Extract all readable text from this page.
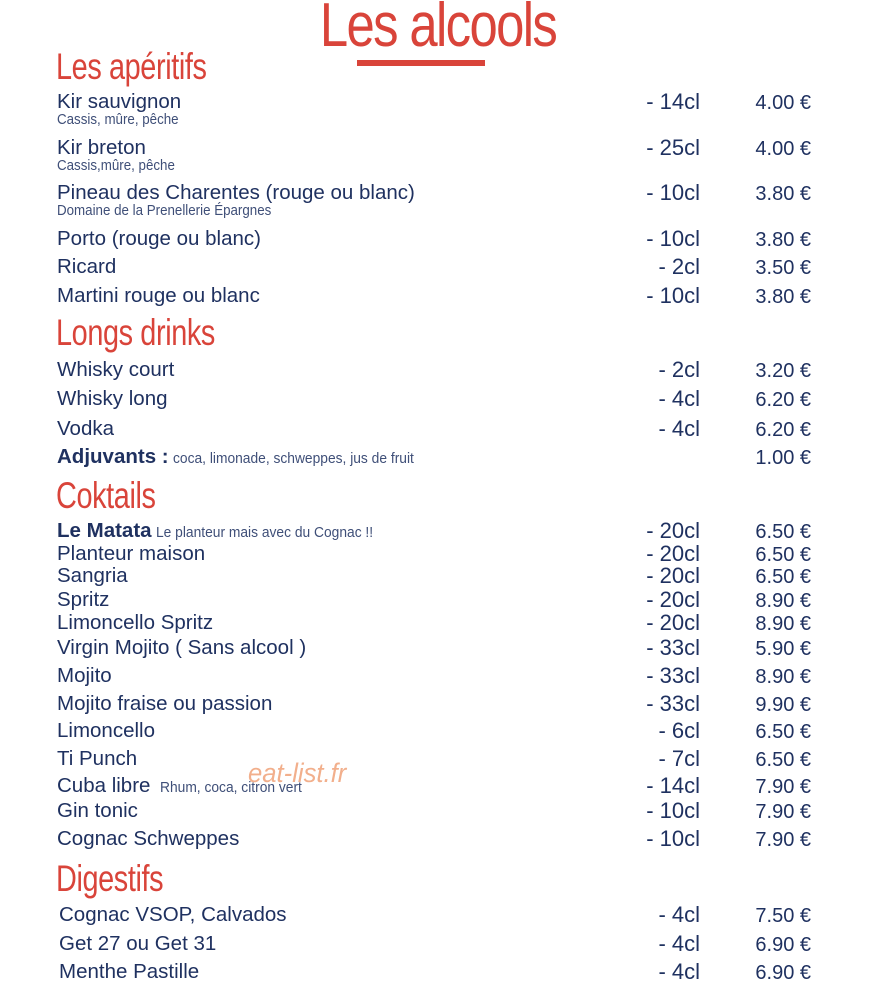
Les alcools
Les apéritifs
Kir sauvignon
Cassis, mûre, pêche
- 14cl	4.00 €
Kir breton
Cassis,mûre, pêche
- 25cl	4.00 €
Pineau des Charentes (rouge ou blanc)
Domaine de la Prenellerie Épargnes
- 10cl	3.80 €
Porto (rouge ou blanc)	- 10cl	3.80 €
Ricard	- 2cl	3.50 €
Martini rouge ou blanc	- 10cl	3.80 €
Longs drinks
Whisky court	- 2cl	3.20 €
Whisky long	- 4cl	6.20 €
Vodka	- 4cl	6.20 €
Adjuvants : coca, limonade, schweppes, jus de fruit	1.00 €
Coktails
Le Matata Le planteur mais avec du Cognac !!	- 20cl	6.50 €
Planteur maison	- 20cl	6.50 €
Sangria	- 20cl	6.50 €
Spritz	- 20cl	8.90 €
Limoncello Spritz	- 20cl	8.90 €
Virgin Mojito ( Sans alcool )	- 33cl	5.90 €
Mojito	- 33cl	8.90 €
Mojito fraise ou passion	- 33cl	9.90 €
Limoncello	- 6cl	6.50 €
Ti Punch	- 7cl	6.50 €
Cuba libre Rhum, coca, citron vert	- 14cl	7.90 €
Gin tonic	- 10cl	7.90 €
Cognac Schweppes	- 10cl	7.90 €
Digestifs
Cognac VSOP, Calvados	- 4cl	7.50 €
Get 27 ou Get 31	- 4cl	6.90 €
Menthe Pastille	- 4cl	6.90 €
eat-list.fr
